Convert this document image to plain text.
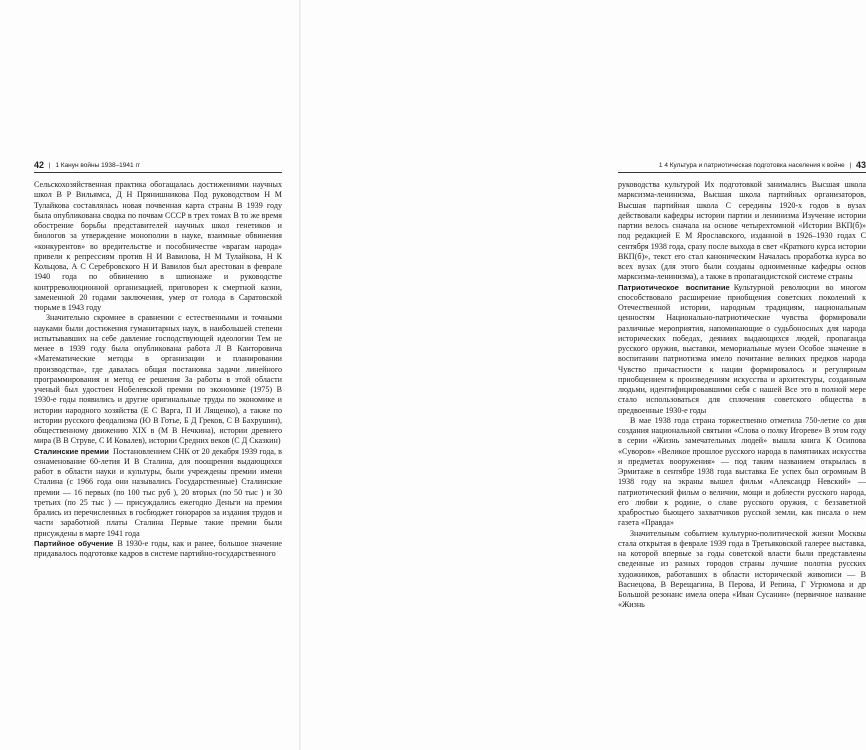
42 | 1 Канун войны 1938–1941 гг

Сельскохозяйственная практика обогащалась достижениями научных школ В Р Вильямса, Д Н Прянишникова Под руководством Н М Тулайкова составлялась новая почвенная карта страны В 1939 году была опубликована сводка по почвам СССР в трех томах В то же время обострение борьбы представителей научных школ генетиков и биологов за утверждение монополии в науке, взаимные обвинения «конкурентов» во вредительстве и пособничестве «врагам народа» привели к репрессиям против Н И Вавилова, Н М Тулайкова, Н К Кольцова, А С Серебровского Н И Вавилов был арестован в феврале 1940 года по обвинению в шпионаже и руководстве контрреволюционной организацией, приговорен к смертной казни, замененной 20 годами заключения, умер от голода в Саратовской тюрьме в 1943 году

Значительно скромнее в сравнении с естественными и точными науками были достижения гуманитарных наук, в наибольшей степени испытывавших на себе давление господствующей идеологии Тем не менее в 1939 году была опубликована работа Л В Канторовича «Математические методы в организации и планировании производства», где давалась общая постановка задачи линейного программирования и метод ее решения За работы в этой области ученый был удостоен Нобелевской премии по экономике (1975) В 1930-е годы появились и другие оригинальные труды по экономике и истории народного хозяйства (Е С Варга, П И Лященко), а также по истории русского феодализма (Ю В Готье, Б Д Греков, С В Бахрушин), общественному движению XIX в (М В Нечкина), истории древнего мира (В В Струве, С И Ковалев), истории Средних веков (С Д Сказкин)

Сталинские премии Постановлением СНК от 20 декабря 1939 года, в ознаменование 60-летия И В Сталина, для поощрения выдающихся работ в области науки и культуры, были учреждены премии имени Сталина (с 1966 года они назывались Государственные) Сталинские премии — 16 первых (по 100 тыс руб ), 20 вторых (по 50 тыс ) и 30 третьих (по 25 тыс ) — присуждались ежегодно Деньги на премии брались из перечисленных в госбюджет гонораров за издания трудов и части заработной платы Сталина Первые такие премии были присуждены в марте 1941 года

Партийное обучение В 1930-е годы, как и ранее, большое значение придавалось подготовке кадров в системе партийно-государственного

1 4 Культура и патриотическая подготовка населения к войне | 43

руководства культурой Их подготовкой занимались Высшая школа марксизма-ленинизма, Высшая школа партийных организаторов, Высшая партийная школа С середины 1920-х годов в вузах действовали кафедры истории партии и ленинизма Изучение истории партии велось сначала на основе четырехтомной «Истории ВКП(б)» под редакцией Е М Ярославского, изданной в 1926–1930 годах С сентября 1938 года, сразу после выхода в свет «Краткого курса истории ВКП(б)», текст его стал каноническим Началась проработка курса во всех вузах (для этого были созданы одноименные кафедры основ марксизма-ленинизма), а также в пропагандистской системе страны

Патриотическое воспитание Культурной революции во многом способствовало расширение приобщения советских поколений к Отечественной истории, народным традициям, национальным ценностям Национально-патриотические чувства формировали различные мероприятия, напоминающие о судьбоносных для народа исторических победах, деяниях выдающихся людей, пропаганда русского оружия, выставки, мемориальные музеи Особое значение в воспитании патриотизма имело почитание великих предков народа Чувство причастности к нации формировалось и регулярным приобщением к произведениям искусства и архитектуры, созданным людьми, идентифицировавшими себя с нашей Все это в полной мере стало использоваться для сплочения советского общества в предвоенные 1930-е годы

В мае 1938 года страна торжественно отметила 750-летие со дня создания национальной святыни «Слова о полку Игореве» В этом году в серии «Жизнь замечательных людей» вышла книга К Осипова «Суворов» «Великое прошлое русского народа в памятниках искусства и предметах вооружения» — под таким названием открылась в Эрмитаже в сентябре 1938 года выставка Ее успех был огромным В 1938 году на экраны вышел фильм «Александр Невский» — патриотический фильм о величии, мощи и доблести русского народа, его любви к родине, о славе русского оружия, с беззаветной храбростью бьющего захватчиков русской земли, как писала о нем газета «Правда»

Значительным событием культурно-политической жизни Москвы стала открытая в феврале 1939 года в Третьяковской галерее выставка, на которой впервые за годы советской власти были представлены сведенные из разных городов страны лучшие полотна русских художников, работавших в области исторической живописи — В Васнецова, В Верещагина, В Перова, И Репина, Г Угрюмова и др Большой резонанс имела опера «Иван Сусанин» (первичное название «Жизнь
